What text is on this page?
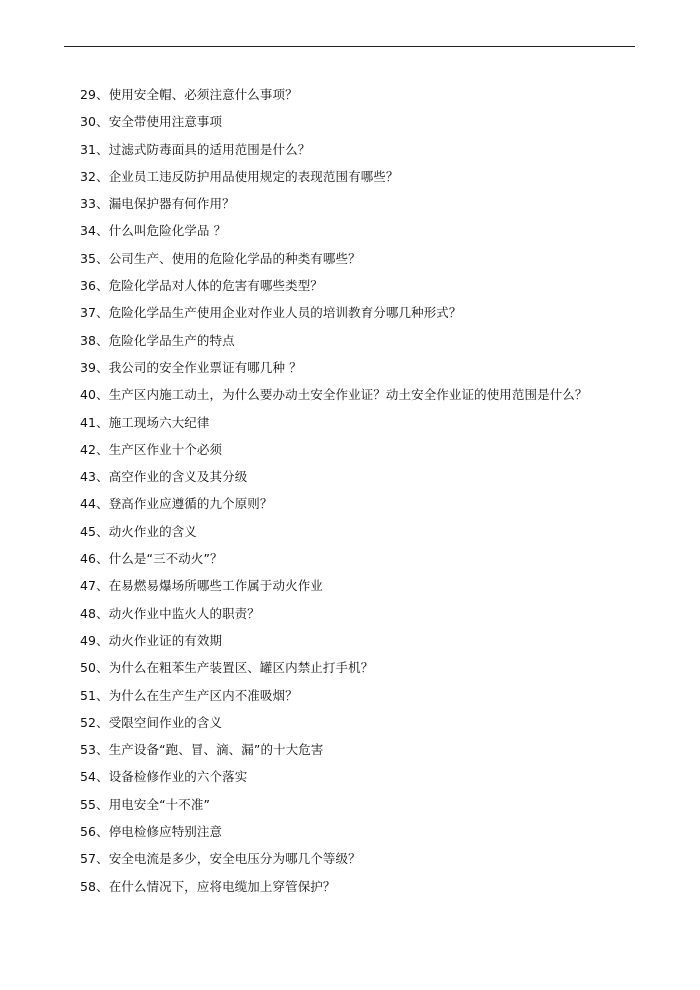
29、使用安全帽、必须注意什么事项？
30、安全带使用注意事项
31、过滤式防毒面具的适用范围是什么？
32、企业员工违反防护用品使用规定的表现范围有哪些？
33、漏电保护器有何作用？
34、什么叫危险化学品 ？
35、公司生产、使用的危险化学品的种类有哪些？
36、危险化学品对人体的危害有哪些类型？
37、危险化学品生产使用企业对作业人员的培训教育分哪几种形式？
38、危险化学品生产的特点
39、我公司的安全作业票证有哪几种 ？
40、生产区内施工动土，为什么要办动土安全作业证？动土安全作业证的使用范围是什么？
41、施工现场六大纪律
42、生产区作业十个必须
43、高空作业的含义及其分级
44、登高作业应遵循的九个原则？
45、动火作业的含义
46、什么是“三不动火”？
47、在易燃易爆场所哪些工作属于动火作业
48、动火作业中监火人的职责？
49、动火作业证的有效期
50、为什么在粗苯生产装置区、罐区内禁止打手机？
51、为什么在生产生产区内不准吸烟？
52、受限空间作业的含义
53、生产设备“跑、冒、滴、漏”的十大危害
54、设备检修作业的六个落实
55、用电安全“十不准”
56、停电检修应特别注意
57、安全电流是多少，安全电压分为哪几个等级？
58、在什么情况下，应将电缆加上穿管保护？
